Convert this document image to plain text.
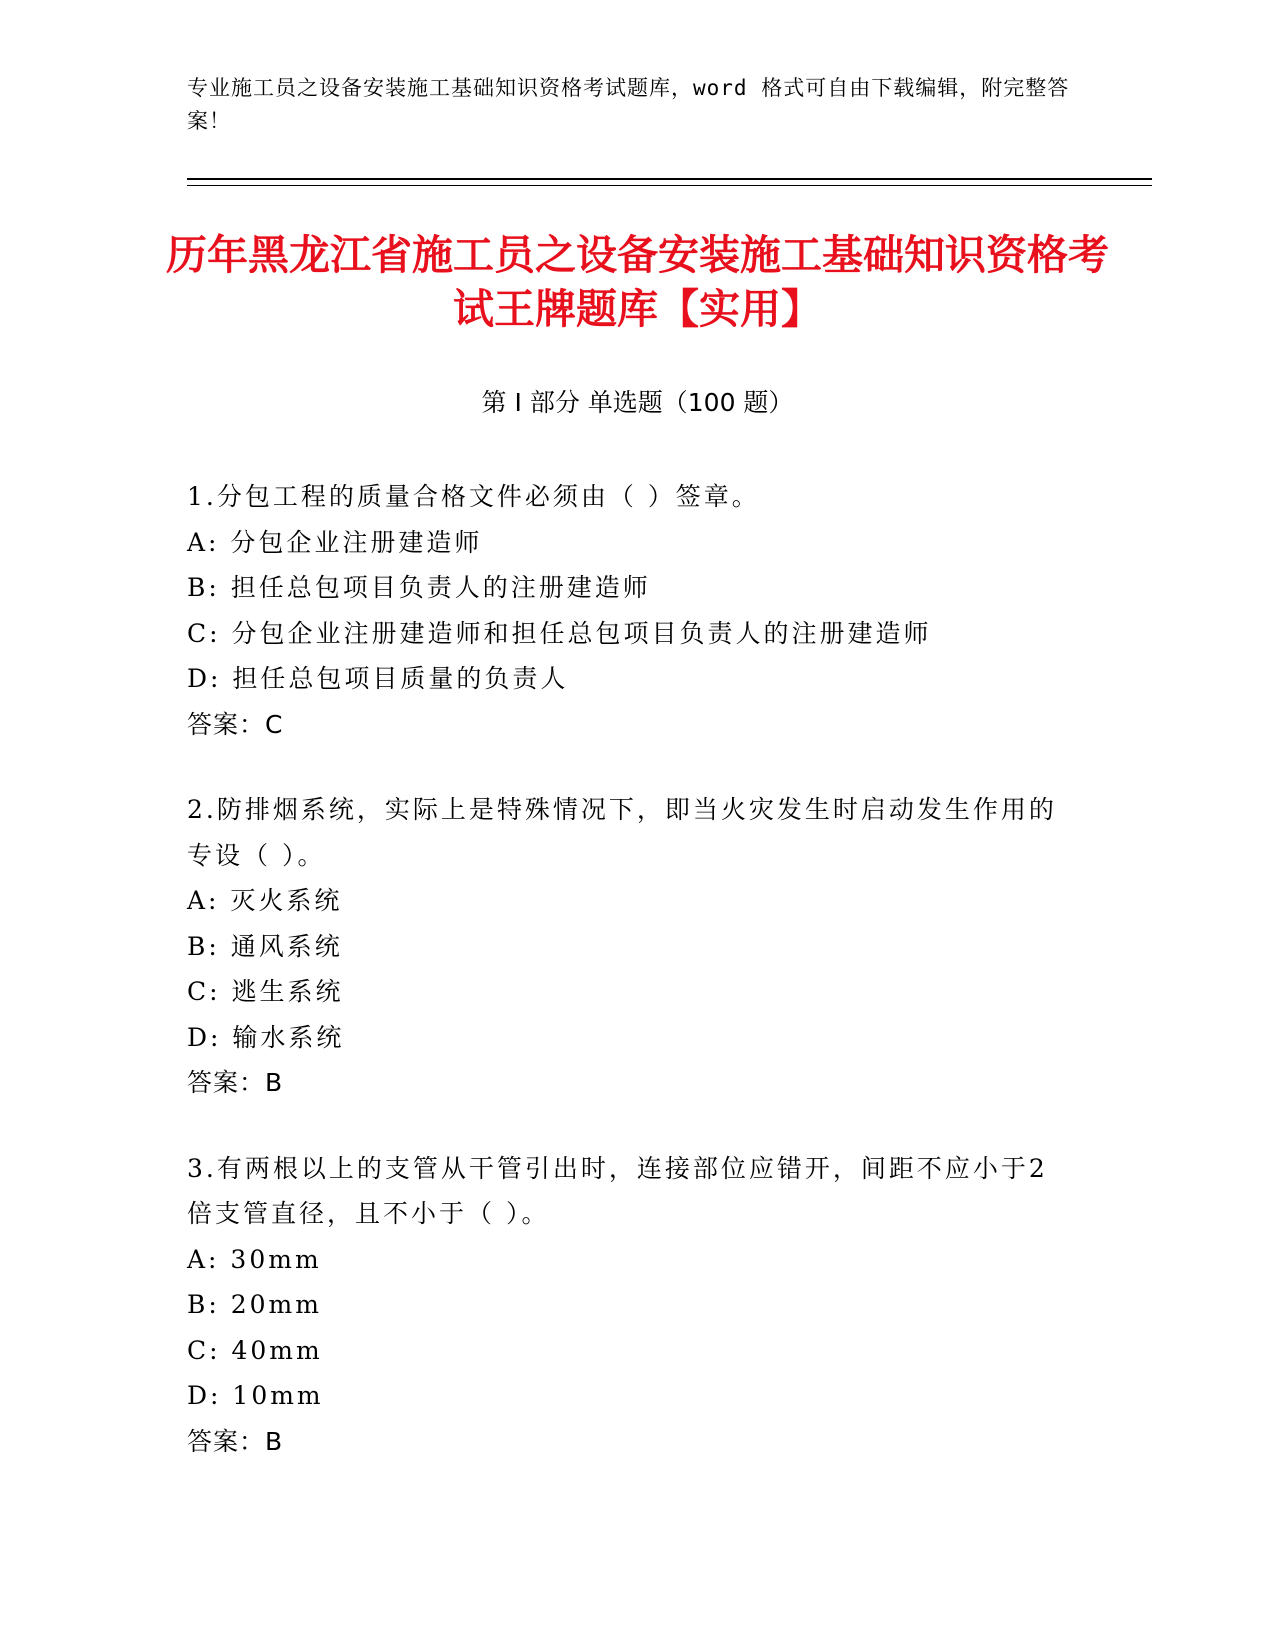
专业施工员之设备安装施工基础知识资格考试题库，word 格式可自由下载编辑，附完整答案！
历年黑龙江省施工员之设备安装施工基础知识资格考试王牌题库【实用】
第 I 部分 单选题（100 题）
1.分包工程的质量合格文件必须由（ ）签章。
A: 分包企业注册建造师
B: 担任总包项目负责人的注册建造师
C: 分包企业注册建造师和担任总包项目负责人的注册建造师
D: 担任总包项目质量的负责人
答案：C
2.防排烟系统，实际上是特殊情况下，即当火灾发生时启动发生作用的专设（ ）。
A: 灭火系统
B: 通风系统
C: 逃生系统
D: 输水系统
答案：B
3.有两根以上的支管从干管引出时，连接部位应错开，间距不应小于2倍支管直径，且不小于（ ）。
A: 30mm
B: 20mm
C: 40mm
D: 10mm
答案：B
